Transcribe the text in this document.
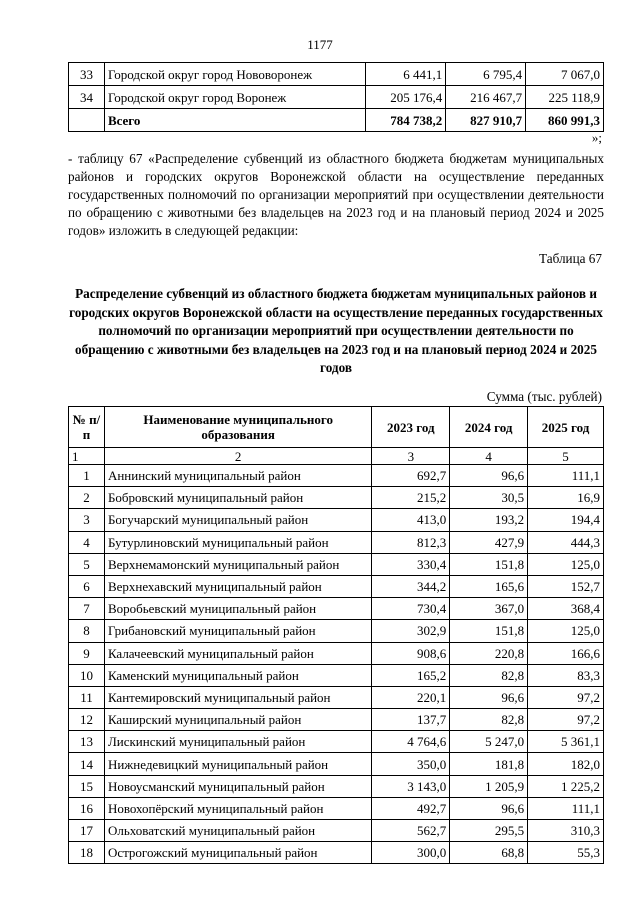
1177
33	Городской округ город Нововоронеж	6 441,1	6 795,4	7 067,0
34	Городской округ город Воронеж	205 176,4	216 467,7	225 118,9
	Всего	784 738,2	827 910,7	860 991,3
»;
- таблицу 67 «Распределение субвенций из областного бюджета бюджетам муниципальных районов и городских округов Воронежской области на осуществление переданных государственных полномочий по организации мероприятий при осуществлении деятельности по обращению с животными без владельцев на 2023 год и на плановый период 2024 и 2025 годов» изложить в следующей редакции:
Таблица 67
Распределение субвенций из областного бюджета бюджетам муниципальных районов и городских округов Воронежской области на осуществление переданных государственных полномочий по организации мероприятий при осуществлении деятельности по обращению с животными без владельцев на 2023 год и на плановый период 2024 и 2025 годов
Сумма (тыс. рублей)
№ п/п	Наименование муниципального образования	2023 год	2024 год	2025 год
1	2	3	4	5
1	Аннинский муниципальный район	692,7	96,6	111,1
2	Бобровский муниципальный район	215,2	30,5	16,9
3	Богучарский муниципальный район	413,0	193,2	194,4
4	Бутурлиновский муниципальный район	812,3	427,9	444,3
5	Верхнемамонский муниципальный район	330,4	151,8	125,0
6	Верхнехавский муниципальный район	344,2	165,6	152,7
7	Воробьевский муниципальный район	730,4	367,0	368,4
8	Грибановский муниципальный район	302,9	151,8	125,0
9	Калачеевский муниципальный район	908,6	220,8	166,6
10	Каменский муниципальный район	165,2	82,8	83,3
11	Кантемировский муниципальный район	220,1	96,6	97,2
12	Каширский муниципальный район	137,7	82,8	97,2
13	Лискинский муниципальный район	4 764,6	5 247,0	5 361,1
14	Нижнедевицкий муниципальный район	350,0	181,8	182,0
15	Новоусманский муниципальный район	3 143,0	1 205,9	1 225,2
16	Новохопёрский муниципальный район	492,7	96,6	111,1
17	Ольховатский муниципальный район	562,7	295,5	310,3
18	Острогожский муниципальный район	300,0	68,8	55,3
